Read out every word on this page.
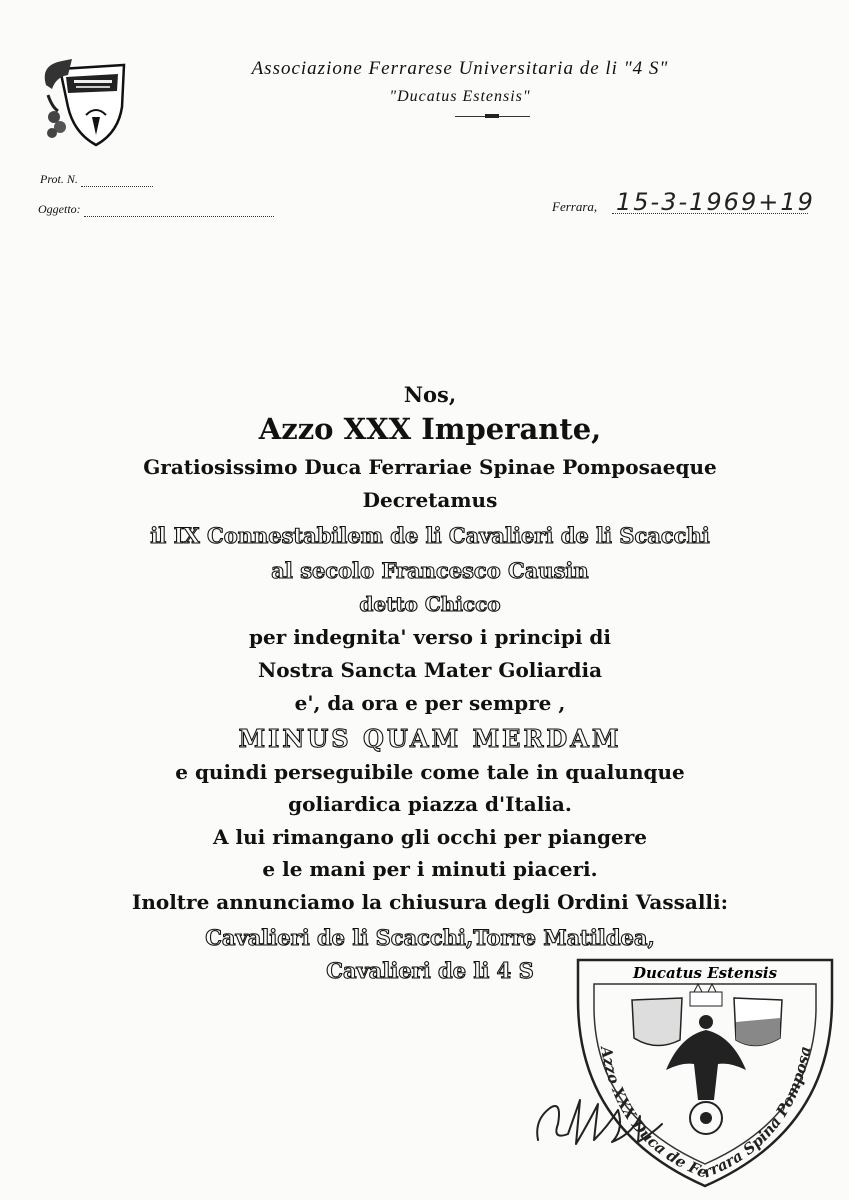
Associazione Ferrarese Universitaria de li "4 S"
"Ducatus Estensis"
Prot. N.
Oggetto:	Ferrara, 15-3-1969+19
Nos,
Azzo XXX Imperante,
Gratiosissimo Duca Ferrariae Spinae Pomposaeque
Decretamus
il IX Connestabilem de li Cavalieri de li Scacchi
al secolo Francesco Causin
detto Chicco
per indegnita' verso i principi di
Nostra Sancta Mater Goliardia
e', da ora e per sempre ,
MINUS QUAM MERDAM
e quindi perseguibile come tale in qualunque
goliardica piazza d'Italia.
A lui rimangano gli occhi per piangere
e le mani per i minuti piaceri.
Inoltre annunciamo la chiusura degli Ordini Vassalli:
Cavalieri de li Scacchi,Torre Matildea,
Cavalieri de li 4 S	Ducatus Estensis
Azzo XXX Duca de Ferrara Spina Pomposa
